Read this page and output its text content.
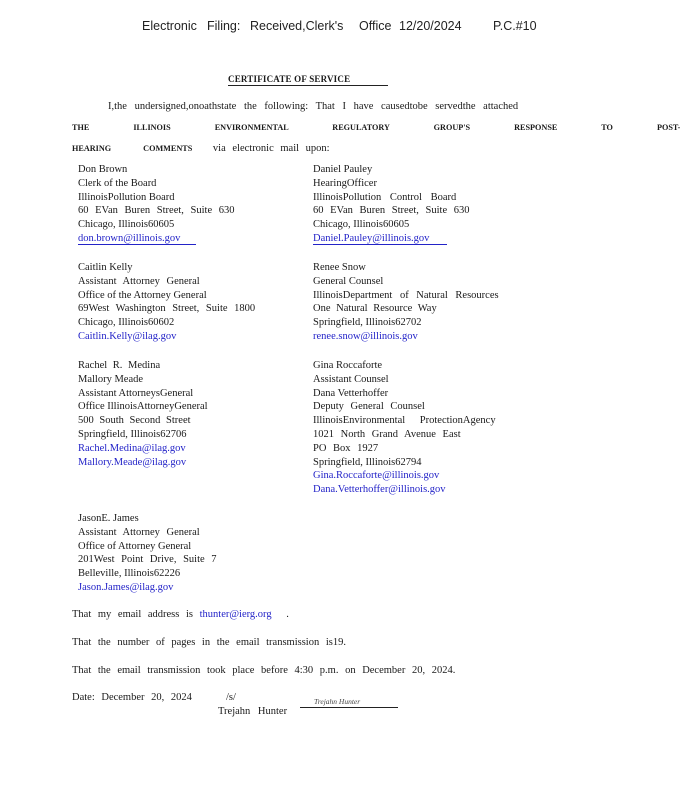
Electronic Filing: Received,Clerk's Office 12/20/2024	P.C.#10
CERTIFICATE OF SERVICE
I,the undersigned,onoathstate the following: That I have causedtobe servedthe attached
THE ILLINOIS ENVIRONMENTAL REGULATORY GROUP'S RESPONSE TO POST-
HEARING COMMENTS via electronic mail upon:
Don Brown
Clerk of the Board
IllinoisPollution Board
60 EVan Buren Street, Suite 630
Chicago, Illinois60605
don.brown@illinois.gov
Caitlin Kelly
Assistant Attorney General
Office of the Attorney General
69West Washington Street, Suite 1800
Chicago, Illinois60602
Caitlin.Kelly@ilag.gov
Rachel R. Medina
Mallory Meade
Assistant AttorneysGeneral
Office IllinoisAttorneyGeneral
500 South Second Street
Springfield, Illinois62706
Rachel.Medina@ilag.gov
Mallory.Meade@ilag.gov
JasonE. James
Assistant Attorney General
Office of Attorney General
201West Point Drive, Suite 7
Belleville, Illinois62226
Jason.James@ilag.gov
Daniel Pauley
HearingOfficer
IllinoisPollution Control Board
60 EVan Buren Street, Suite 630
Chicago, Illinois60605
Daniel.Pauley@illinois.gov
Renee Snow
General Counsel
IllinoisDepartment of Natural Resources
One Natural Resource Way
Springfield, Illinois62702
renee.snow@illinois.gov
Gina Roccaforte
Assistant Counsel
Dana Vetterhoffer
Deputy General Counsel
IllinoisEnvironmental ProtectionAgency
1021 North Grand Avenue East
PO Box 1927
Springfield, Illinois62794
Gina.Roccaforte@illinois.gov
Dana.Vetterhoffer@illinois.gov
That my email address is thunter@ierg.org .
That the number of pages in the email transmission is19.
That the email transmission took place before 4:30 p.m. on December 20, 2024.
Date: December 20, 2024	/s/	Trejahn Hunter
Trejahn Hunter
